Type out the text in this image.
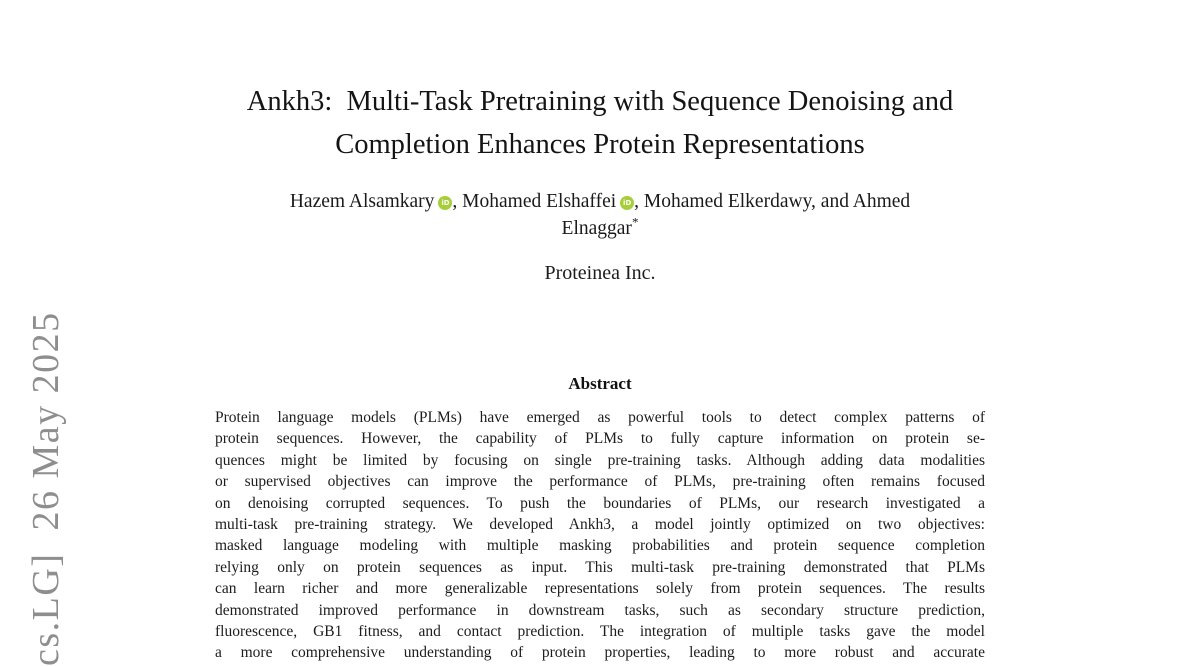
cs.LG]  26 May 2025
Ankh3:  Multi-Task Pretraining with Sequence Denoising and
Completion Enhances Protein Representations
Hazem Alsamkary iD , Mohamed Elshaffei iD , Mohamed Elkerdawy, and Ahmed
Elnaggar*
Proteinea Inc.
Abstract
Protein language models (PLMs) have emerged as powerful tools to detect complex patterns of
protein sequences. However, the capability of PLMs to fully capture information on protein se-
quences might be limited by focusing on single pre-training tasks. Although adding data modalities
or supervised objectives can improve the performance of PLMs, pre-training often remains focused
on denoising corrupted sequences. To push the boundaries of PLMs, our research investigated a
multi-task pre-training strategy. We developed Ankh3, a model jointly optimized on two objectives:
masked language modeling with multiple masking probabilities and protein sequence completion
relying only on protein sequences as input. This multi-task pre-training demonstrated that PLMs
can learn richer and more generalizable representations solely from protein sequences. The results
demonstrated improved performance in downstream tasks, such as secondary structure prediction,
fluorescence, GB1 fitness, and contact prediction. The integration of multiple tasks gave the model
a more comprehensive understanding of protein properties, leading to more robust and accurate
